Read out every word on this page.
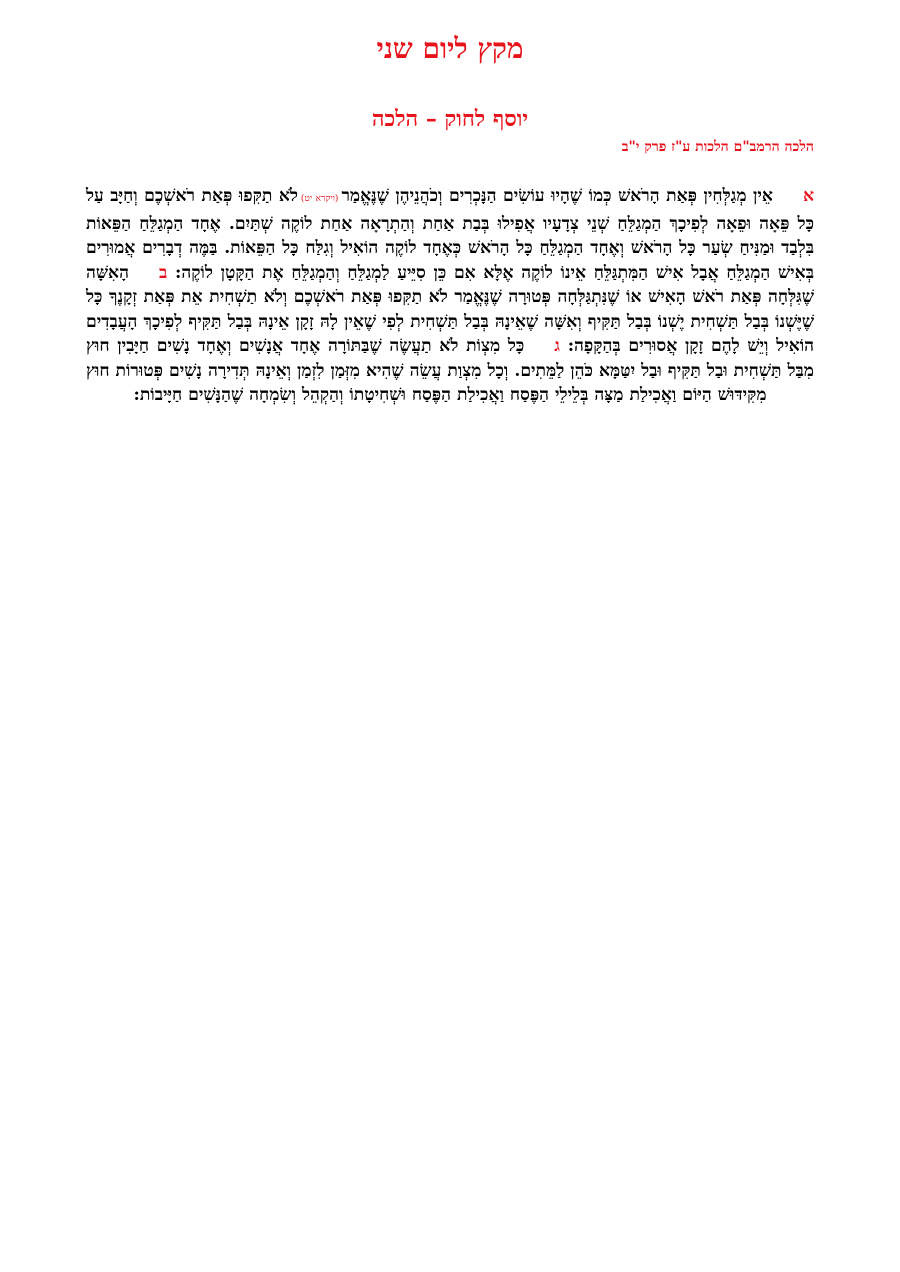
מקץ ליום שני
יוסף לחוק – הלכה
הלכה הרמב"ם הלכות ע"ז פרק י"ב

אאֵין מְגַלְּחִין פְּאַת הָרֹאשׁ כְּמוֹ שֶׁהָיוּ עוֹשִׂים הַנָּכְרִים וְכֹהֲנֵיהֶן שֶׁנֶּאֱמַר(ויקרא יט)לֹא תַקִּפוּ פְּאַת רֹאשְׁכֶם וְחַיָּב עַל כָּל פֵּאָה וּפֵאָה לְפִיכָךְ הַמְגַלֵּחַ שְׁנֵי צְדָעָיו אֲפִילוּ בְּבַת אַחַת וְהַתְרָאָה אַחַת לוֹקֶה שְׁתַּיִם. אֶחָד הַמְגַלֵּחַ הַפֵּאוֹת בִּלְבַד וּמַנִּיחַ שְׂעַר כָּל הָרֹאשׁ וְאֶחָד הַמְגַלֵּחַ כָּל הָרֹאשׁ כְּאֶחָד לוֹקֶה הוֹאִיל וְגִלַּח כָּל הַפֵּאוֹת. בַּמֶּה דְבָרִים אֲמוּרִים בְּאִישׁ הַמְגַלֵּחַ אֲבָל אִישׁ הַמִּתְגַּלֵּחַ אֵינוֹ לוֹקֶה אֶלָּא אִם כֵּן סִיֵּיעַ לַמְגַלֵּחַ וְהַמְגַלֵּחַ אֶת הַקָּטָן לוֹקֶה: בהָאִשָּׁה שֶׁגִּלְּחָה פְּאַת רֹאשׁ הָאִישׁ אוֹ שֶׁנִּתְגַּלְּחָה פְּטוּרָה שֶׁנֶּאֱמַר לֹא תַקִּפוּ פְּאַת רֹאשְׁכֶם וְלֹא תַשְׁחִית אֵת פְּאַת זְקָנֶךָ כָּל שֶׁיֶּשְׁנוֹ בְּבַל תַּשְׁחִית יֶשְׁנוֹ בְּבַל תַּקִּיף וְאִשָּׁה שֶׁאֵינָהּ בְּבַל תַּשְׁחִית לְפִי שֶׁאֵין לָהּ זָקָן אֵינָהּ בְּבַל תַּקִּיף לְפִיכָךְ הָעֲבָדִים הוֹאִיל וְיֵשׁ לָהֶם זָקָן אֲסוּרִים בְּהַקָּפָה: גכָּל מִצְוֹת לֹא תַעֲשֶׂה שֶׁבַּתּוֹרָה אֶחָד אֲנָשִׁים וְאֶחָד נָשִׁים חַיָּבִין חוּץ מִבַּל תַּשְׁחִית וּבַל תַּקִּיף וּבַל יִטַּמָּא כֹּהֵן לַמֵּתִים. וְכָל מִצְוַת עֲשֵׂה שֶׁהִיא מִזְּמַן לִזְמַן וְאֵינָהּ תְּדִירָה נָשִׁים פְּטוּרוֹת חוּץ מִקִּידּוּשׁ הַיּוֹם וַאֲכִילַת מַצָּה בְּלֵילֵי הַפֶּסַח וַאֲכִילַת הַפֶּסַח וּשְׁחִיטָתוֹ וְהַקְהֵל וְשִׂמְחָה שֶׁהַנָּשִׁים חַיָּיבוֹת:
